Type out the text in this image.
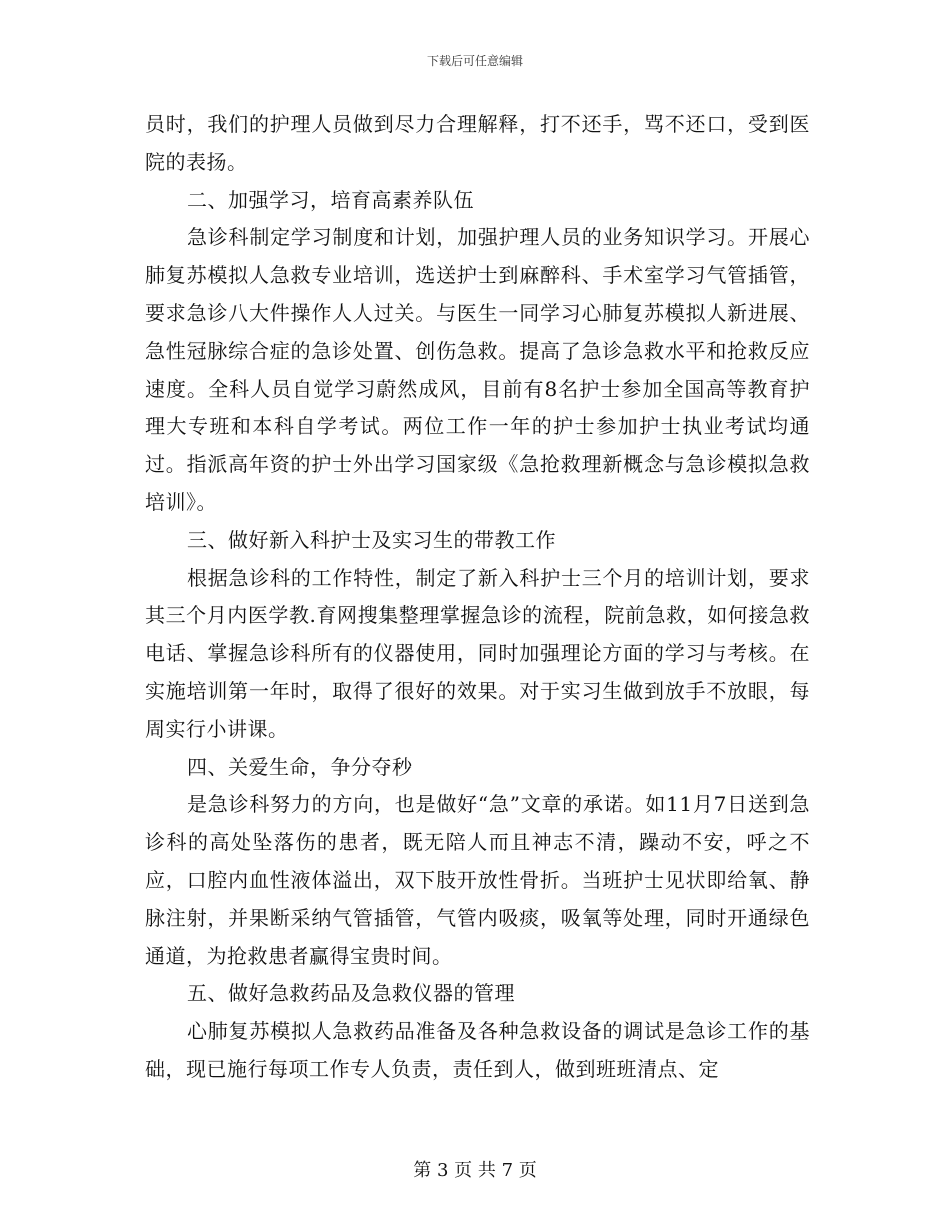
下载后可任意编辑

员时，我们的护理人员做到尽力合理解释，打不还手，骂不还口，受到医院的表扬。

二、加强学习，培育高素养队伍

急诊科制定学习制度和计划，加强护理人员的业务知识学习。开展心肺复苏模拟人急救专业培训，选送护士到麻醉科、手术室学习气管插管，要求急诊八大件操作人人过关。与医生一同学习心肺复苏模拟人新进展、急性冠脉综合症的急诊处置、创伤急救。提高了急诊急救水平和抢救反应速度。全科人员自觉学习蔚然成风，目前有8名护士参加全国高等教育护理大专班和本科自学考试。两位工作一年的护士参加护士执业考试均通过。指派高年资的护士外出学习国家级《急抢救理新概念与急诊模拟急救培训》。

三、做好新入科护士及实习生的带教工作

根据急诊科的工作特性，制定了新入科护士三个月的培训计划，要求其三个月内医学教.育网搜集整理掌握急诊的流程，院前急救，如何接急救电话、掌握急诊科所有的仪器使用，同时加强理论方面的学习与考核。在实施培训第一年时，取得了很好的效果。对于实习生做到放手不放眼，每周实行小讲课。

四、关爱生命，争分夺秒

是急诊科努力的方向，也是做好“急”文章的承诺。如11月7日送到急诊科的高处坠落伤的患者，既无陪人而且神志不清，躁动不安，呼之不应，口腔内血性液体溢出，双下肢开放性骨折。当班护士见状即给氧、静脉注射，并果断采纳气管插管，气管内吸痰，吸氧等处理，同时开通绿色通道，为抢救患者赢得宝贵时间。

五、做好急救药品及急救仪器的管理

心肺复苏模拟人急救药品准备及各种急救设备的调试是急诊工作的基础，现已施行每项工作专人负责，责任到人，做到班班清点、定

第 3 页 共 7 页
